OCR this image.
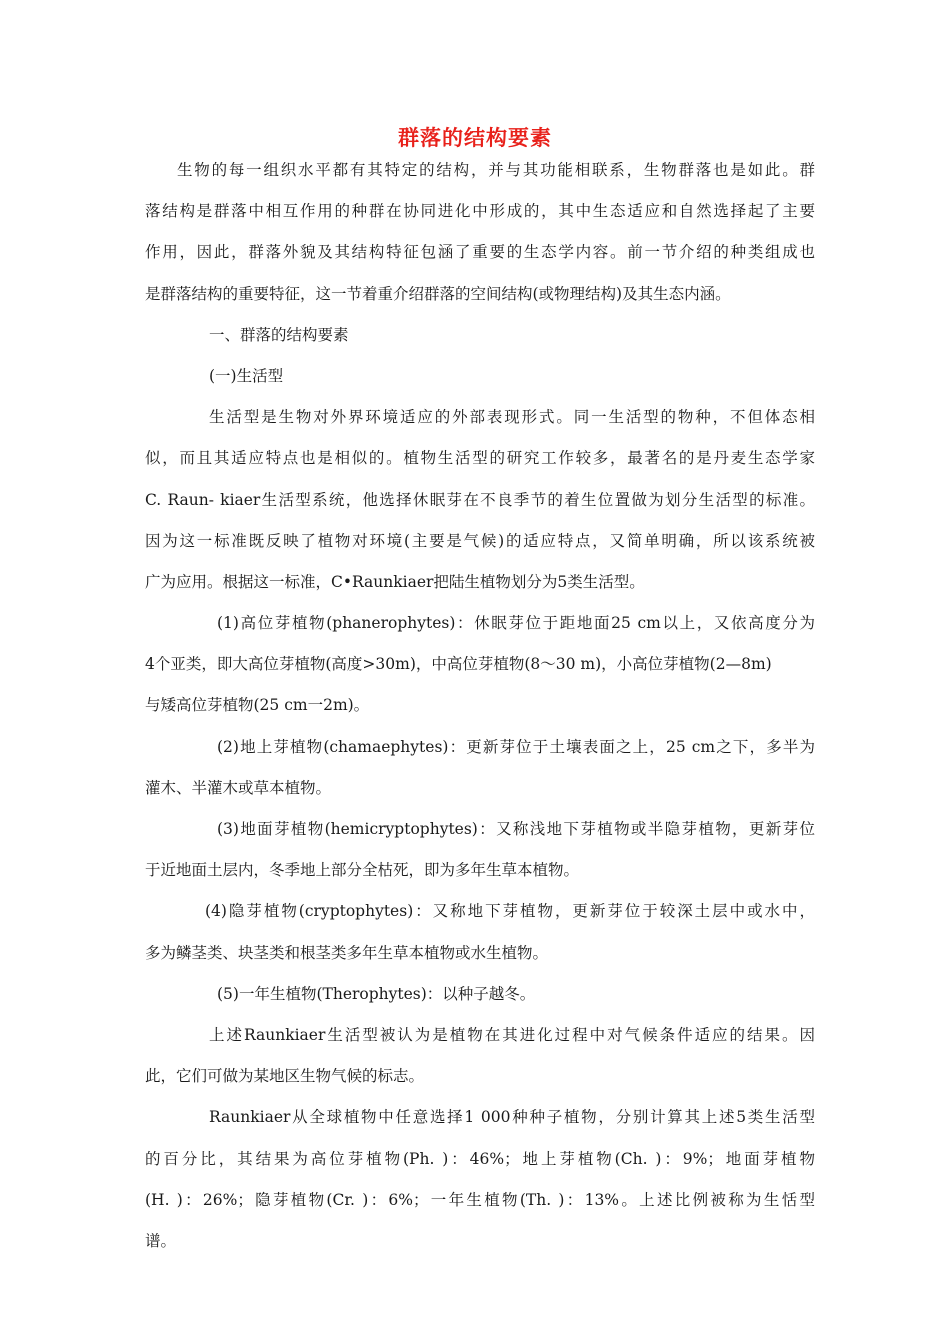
群落的结构要素
生物的每一组织水平都有其特定的结构，并与其功能相联系，生物群落也是如此。群
落结构是群落中相互作用的种群在协同进化中形成的，其中生态适应和自然选择起了主要
作用，因此，群落外貌及其结构特征包涵了重要的生态学内容。前一节介绍的种类组成也
是群落结构的重要特征，这一节着重介绍群落的空间结构(或物理结构)及其生态内涵。
一、群落的结构要素
(一)生活型
生活型是生物对外界环境适应的外部表现形式。同一生活型的物种，不但体态相
似，而且其适应特点也是相似的。植物生活型的研究工作较多，最著名的是丹麦生态学家
C. Raun- kiaer生活型系统，他选择休眠芽在不良季节的着生位置做为划分生活型的标准。
因为这一标准既反映了植物对环境(主要是气候)的适应特点，又简单明确，所以该系统被
广为应用。根据这一标准，C•Raunkiaer把陆生植物划分为5类生活型。
(1)高位芽植物(phanerophytes)：休眠芽位于距地面25 cm以上，又依高度分为
4个亚类，即大高位芽植物(高度>30m)，中高位芽植物(8～30 m)，小高位芽植物(2—8m)
与矮高位芽植物(25 cm一2m)。
(2)地上芽植物(chamaephytes)：更新芽位于土壤表面之上，25 cm之下，多半为
灌木、半灌木或草本植物。
(3)地面芽植物(hemicryptophytes)：又称浅地下芽植物或半隐芽植物，更新芽位
于近地面土层内，冬季地上部分全枯死，即为多年生草本植物。
(4)隐芽植物(cryptophytes)：又称地下芽植物，更新芽位于较深土层中或水中，
多为鳞茎类、块茎类和根茎类多年生草本植物或水生植物。
(5)一年生植物(Therophytes)：以种子越冬。
上述Raunkiaer生活型被认为是植物在其进化过程中对气候条件适应的结果。因
此，它们可做为某地区生物气候的标志。
Raunkiaer从全球植物中任意选择1 000种种子植物，分别计算其上述5类生活型
的百分比，其结果为高位芽植物(Ph. )：46%；地上芽植物(Ch. )：9%；地面芽植物
(H. )：26%；隐芽植物(Cr. )：6%；一年生植物(Th. )：13%。上述比例被称为生恬型
谱。
